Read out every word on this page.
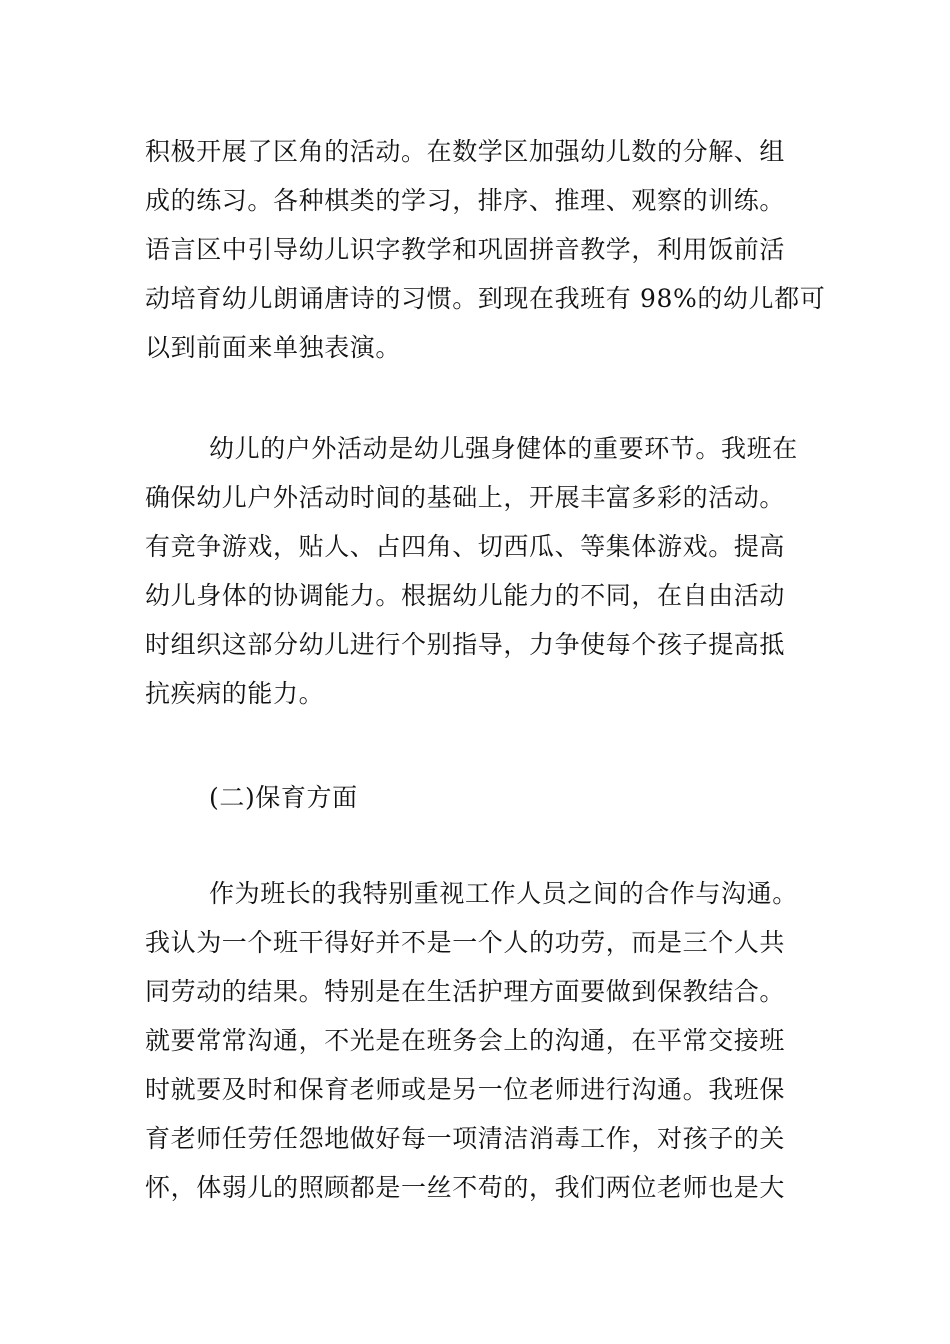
积极开展了区角的活动。在数学区加强幼儿数的分解、组
成的练习。各种棋类的学习，排序、推理、观察的训练。
语言区中引导幼儿识字教学和巩固拼音教学，利用饭前活
动培育幼儿朗诵唐诗的习惯。到现在我班有 98%的幼儿都可
以到前面来单独表演。
幼儿的户外活动是幼儿强身健体的重要环节。我班在
确保幼儿户外活动时间的基础上，开展丰富多彩的活动。
有竞争游戏，贴人、占四角、切西瓜、等集体游戏。提高
幼儿身体的协调能力。根据幼儿能力的不同，在自由活动
时组织这部分幼儿进行个别指导，力争使每个孩子提高抵
抗疾病的能力。
(二)保育方面
作为班长的我特别重视工作人员之间的合作与沟通。
我认为一个班干得好并不是一个人的功劳，而是三个人共
同劳动的结果。特别是在生活护理方面要做到保教结合。
就要常常沟通，不光是在班务会上的沟通，在平常交接班
时就要及时和保育老师或是另一位老师进行沟通。我班保
育老师任劳任怨地做好每一项清洁消毒工作，对孩子的关
怀，体弱儿的照顾都是一丝不苟的，我们两位老师也是大
